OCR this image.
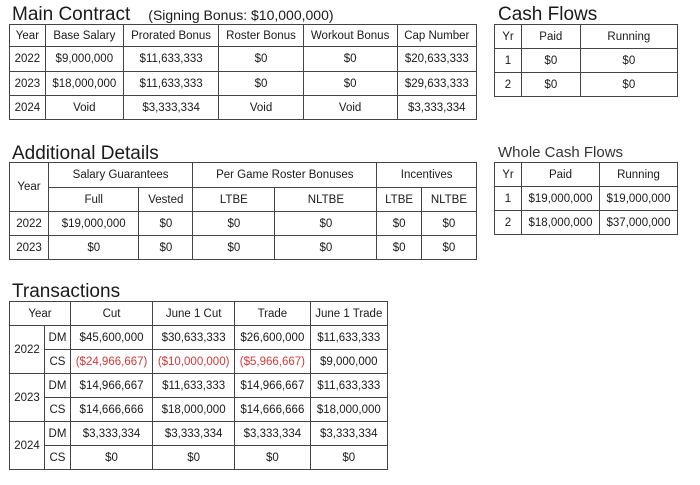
Main Contract (Signing Bonus: $10,000,000)
Year	Base Salary	Prorated Bonus	Roster Bonus	Workout Bonus	Cap Number
2022	$9,000,000	$11,633,333	$0	$0	$20,633,333
2023	$18,000,000	$11,633,333	$0	$0	$29,633,333
2024	Void	$3,333,334	Void	Void	$3,333,334
Cash Flows
Yr	Paid	Running
1	$0	$0
2	$0	$0
Whole Cash Flows
Yr	Paid	Running
1	$19,000,000	$19,000,000
2	$18,000,000	$37,000,000
Additional Details
Year	Salary Guarantees		Per Game Roster Bonuses		Incentives	
	Full	Vested	LTBE	NLTBE	LTBE	NLTBE
2022	$19,000,000	$0	$0	$0	$0	$0
2023	$0	$0	$0	$0	$0	$0
Transactions
Year		Cut	June 1 Cut	Trade	June 1 Trade
2022	DM	$45,600,000	$30,633,333	$26,600,000	$11,633,333
	CS	($24,966,667)	($10,000,000)	($5,966,667)	$9,000,000
2023	DM	$14,966,667	$11,633,333	$14,966,667	$11,633,333
	CS	$14,666,666	$18,000,000	$14,666,666	$18,000,000
2024	DM	$3,333,334	$3,333,334	$3,333,334	$3,333,334
	CS	$0	$0	$0	$0
